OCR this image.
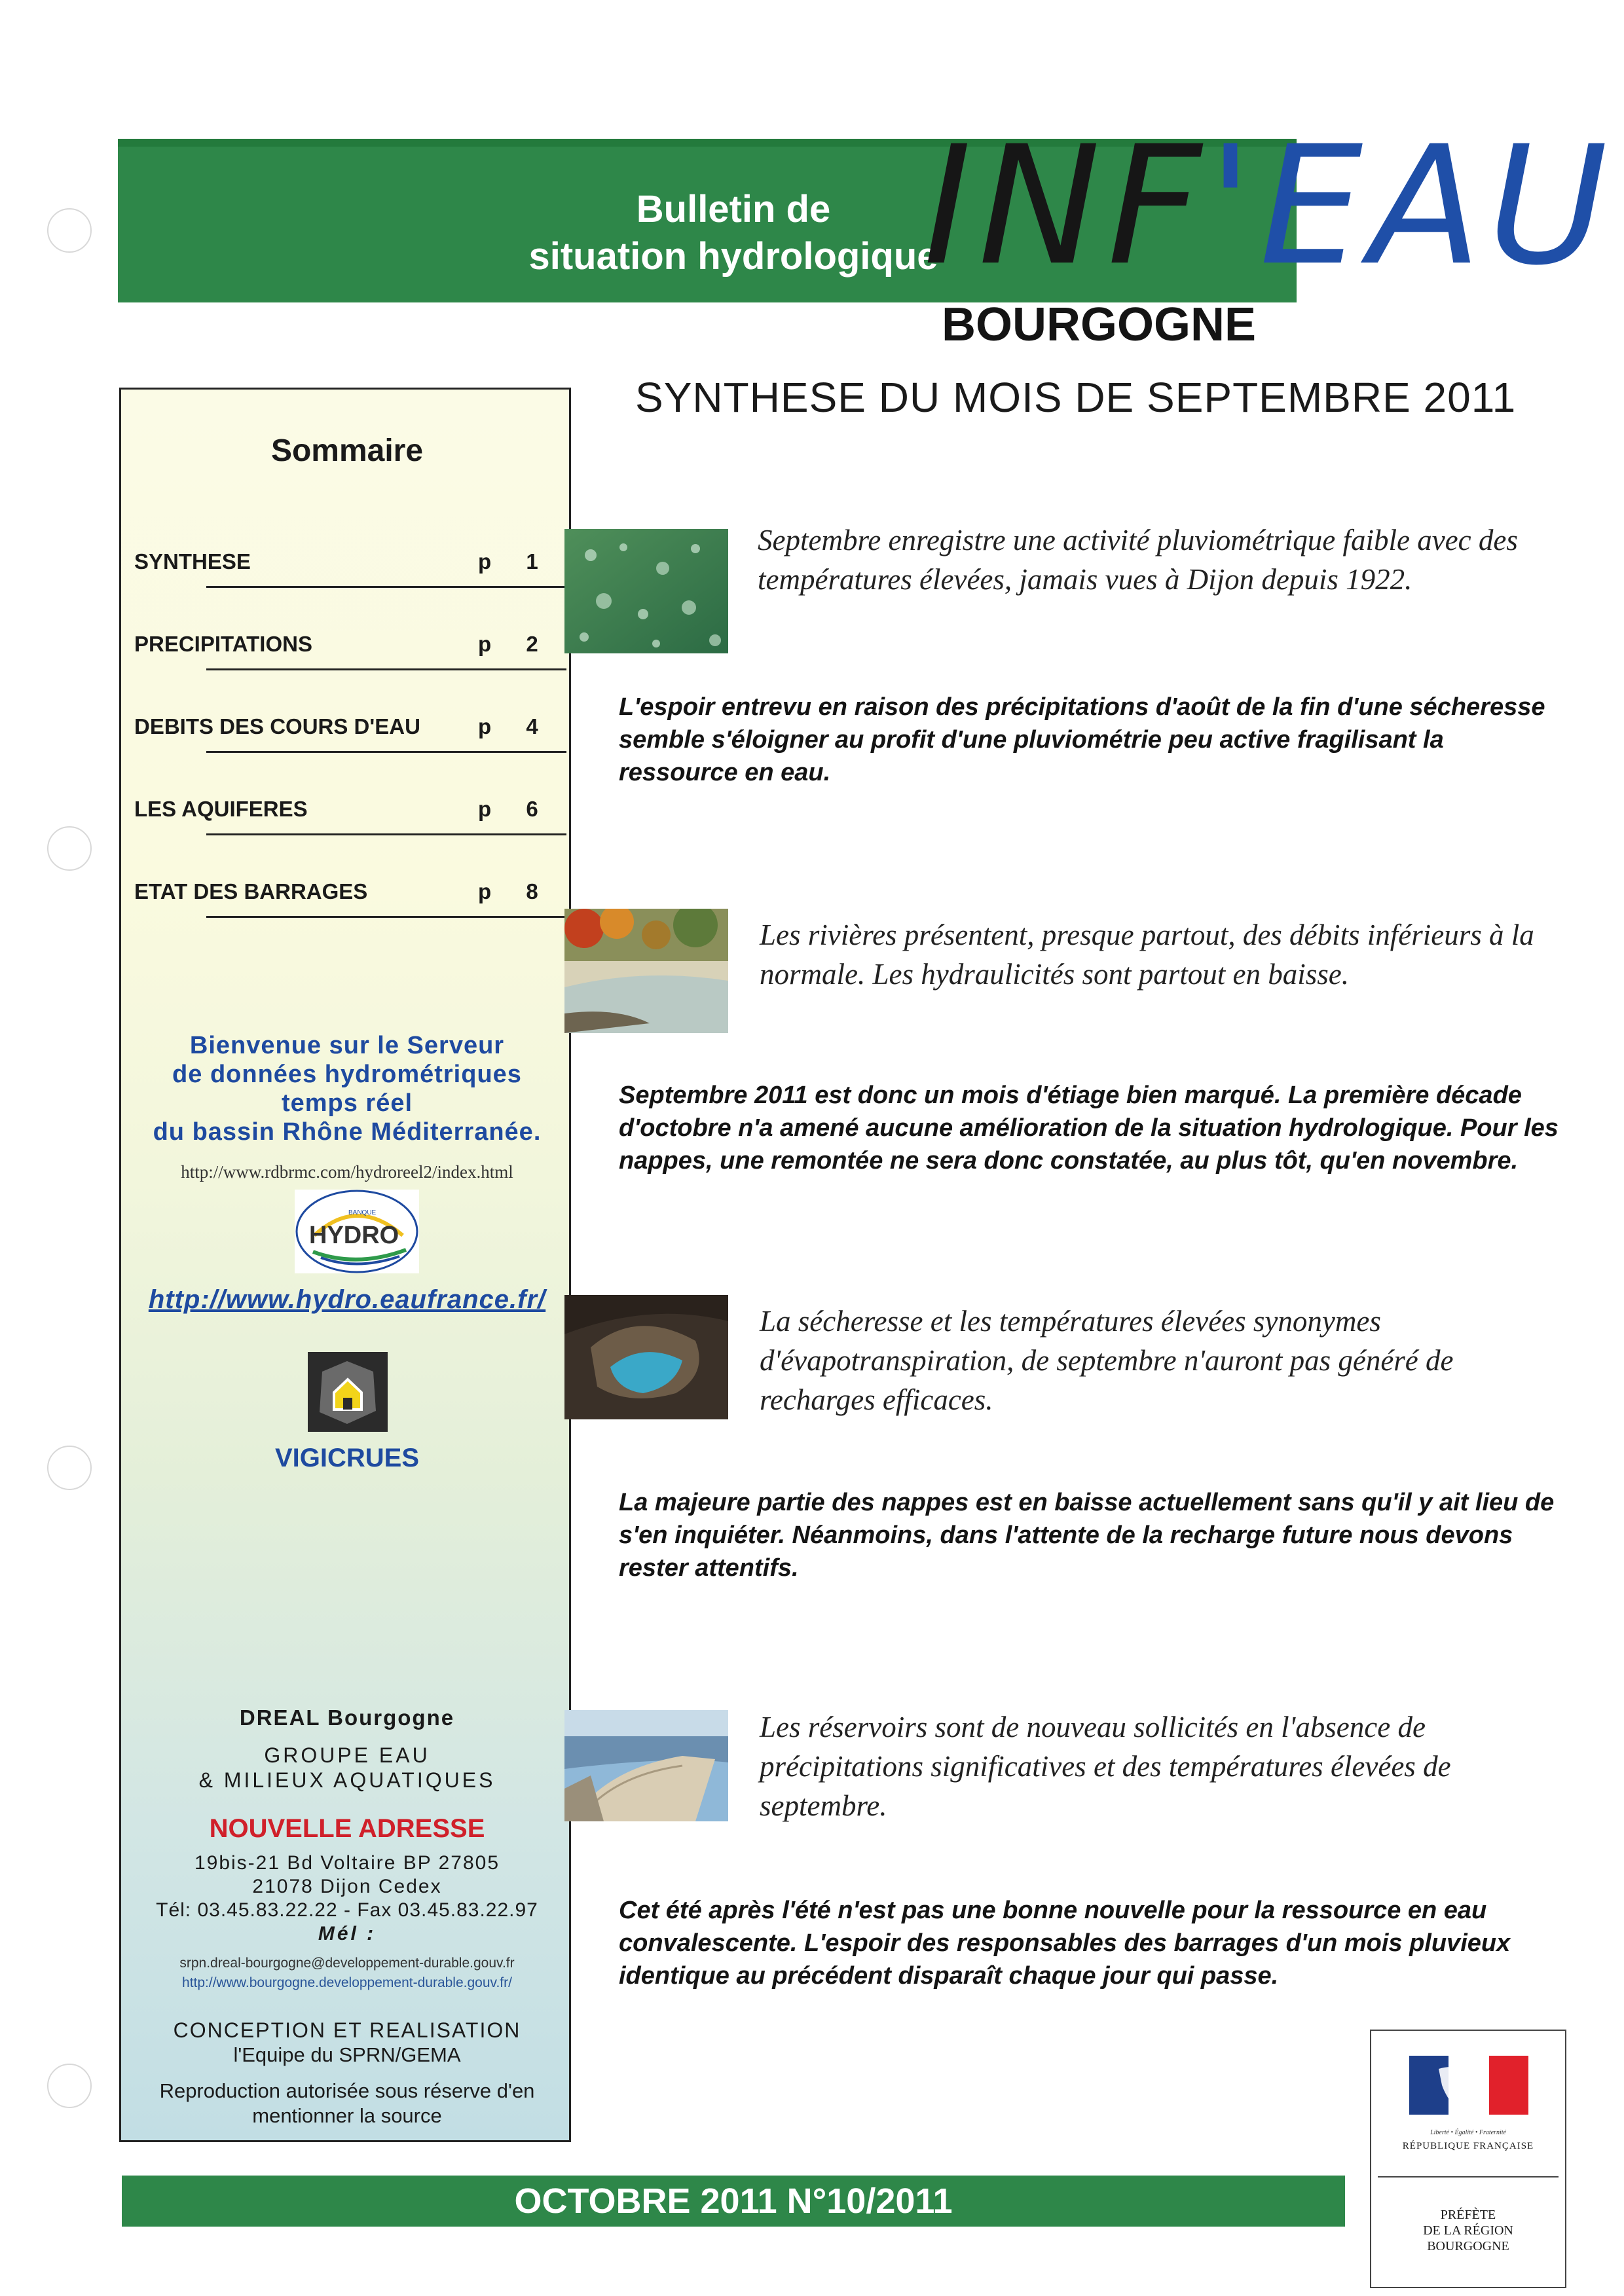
Bulletin de
situation hydrologique
INF'EAU
BOURGOGNE
SYNTHESE DU MOIS DE SEPTEMBRE 2011
Sommaire
SYNTHESE	p 1
PRECIPITATIONS	p 2
DEBITS DES COURS D'EAU	p 4
LES AQUIFERES	p 6
ETAT DES BARRAGES	p 8
Bienvenue sur le Serveur
de données hydrométriques
temps réel
du bassin Rhône Méditerranée.
http://www.rdbrmc.com/hydroreel2/index.html
BANQUE
HYDRO
http://www.hydro.eaufrance.fr/
VIGICRUES
DREAL Bourgogne
GROUPE EAU
& MILIEUX AQUATIQUES
NOUVELLE ADRESSE
19bis-21 Bd Voltaire BP 27805
21078 Dijon Cedex
Tél: 03.45.83.22.22 - Fax 03.45.83.22.97
Mél :
srpn.dreal-bourgogne@developpement-durable.gouv.fr
http://www.bourgogne.developpement-durable.gouv.fr/
CONCEPTION ET REALISATION
l'Equipe du SPRN/GEMA
Reproduction autorisée sous réserve d'en mentionner la source
Septembre enregistre une activité pluviométrique faible avec des températures élevées, jamais vues à Dijon depuis 1922.
L'espoir entrevu en raison des précipitations d'août de la fin d'une sécheresse semble s'éloigner au profit d'une pluviométrie peu active fragilisant la ressource en eau.
Les rivières présentent, presque partout, des débits inférieurs à la normale. Les hydraulicités sont partout en baisse.
Septembre 2011 est donc un mois d'étiage bien marqué. La première décade d'octobre n'a amené aucune amélioration de la situation hydrologique. Pour les nappes, une remontée ne sera donc constatée, au plus tôt, qu'en novembre.
La sécheresse et les températures élevées synonymes d'évapotranspiration, de septembre n'auront pas généré de recharges efficaces.
La majeure partie des nappes est en baisse actuellement sans qu'il y ait lieu de s'en inquiéter. Néanmoins, dans l'attente de la recharge future nous devons rester attentifs.
Les réservoirs sont de nouveau sollicités en l'absence de précipitations significatives et des températures élevées de septembre.
Cet été après l'été n'est pas une bonne nouvelle pour la ressource en eau convalescente. L'espoir des responsables des barrages d'un mois pluvieux identique au précédent disparaît chaque jour qui passe.
Liberté • Égalité • Fraternité
RÉPUBLIQUE FRANÇAISE
PRÉFÈTE
DE LA RÉGION
BOURGOGNE
OCTOBRE 2011 N°10/2011
